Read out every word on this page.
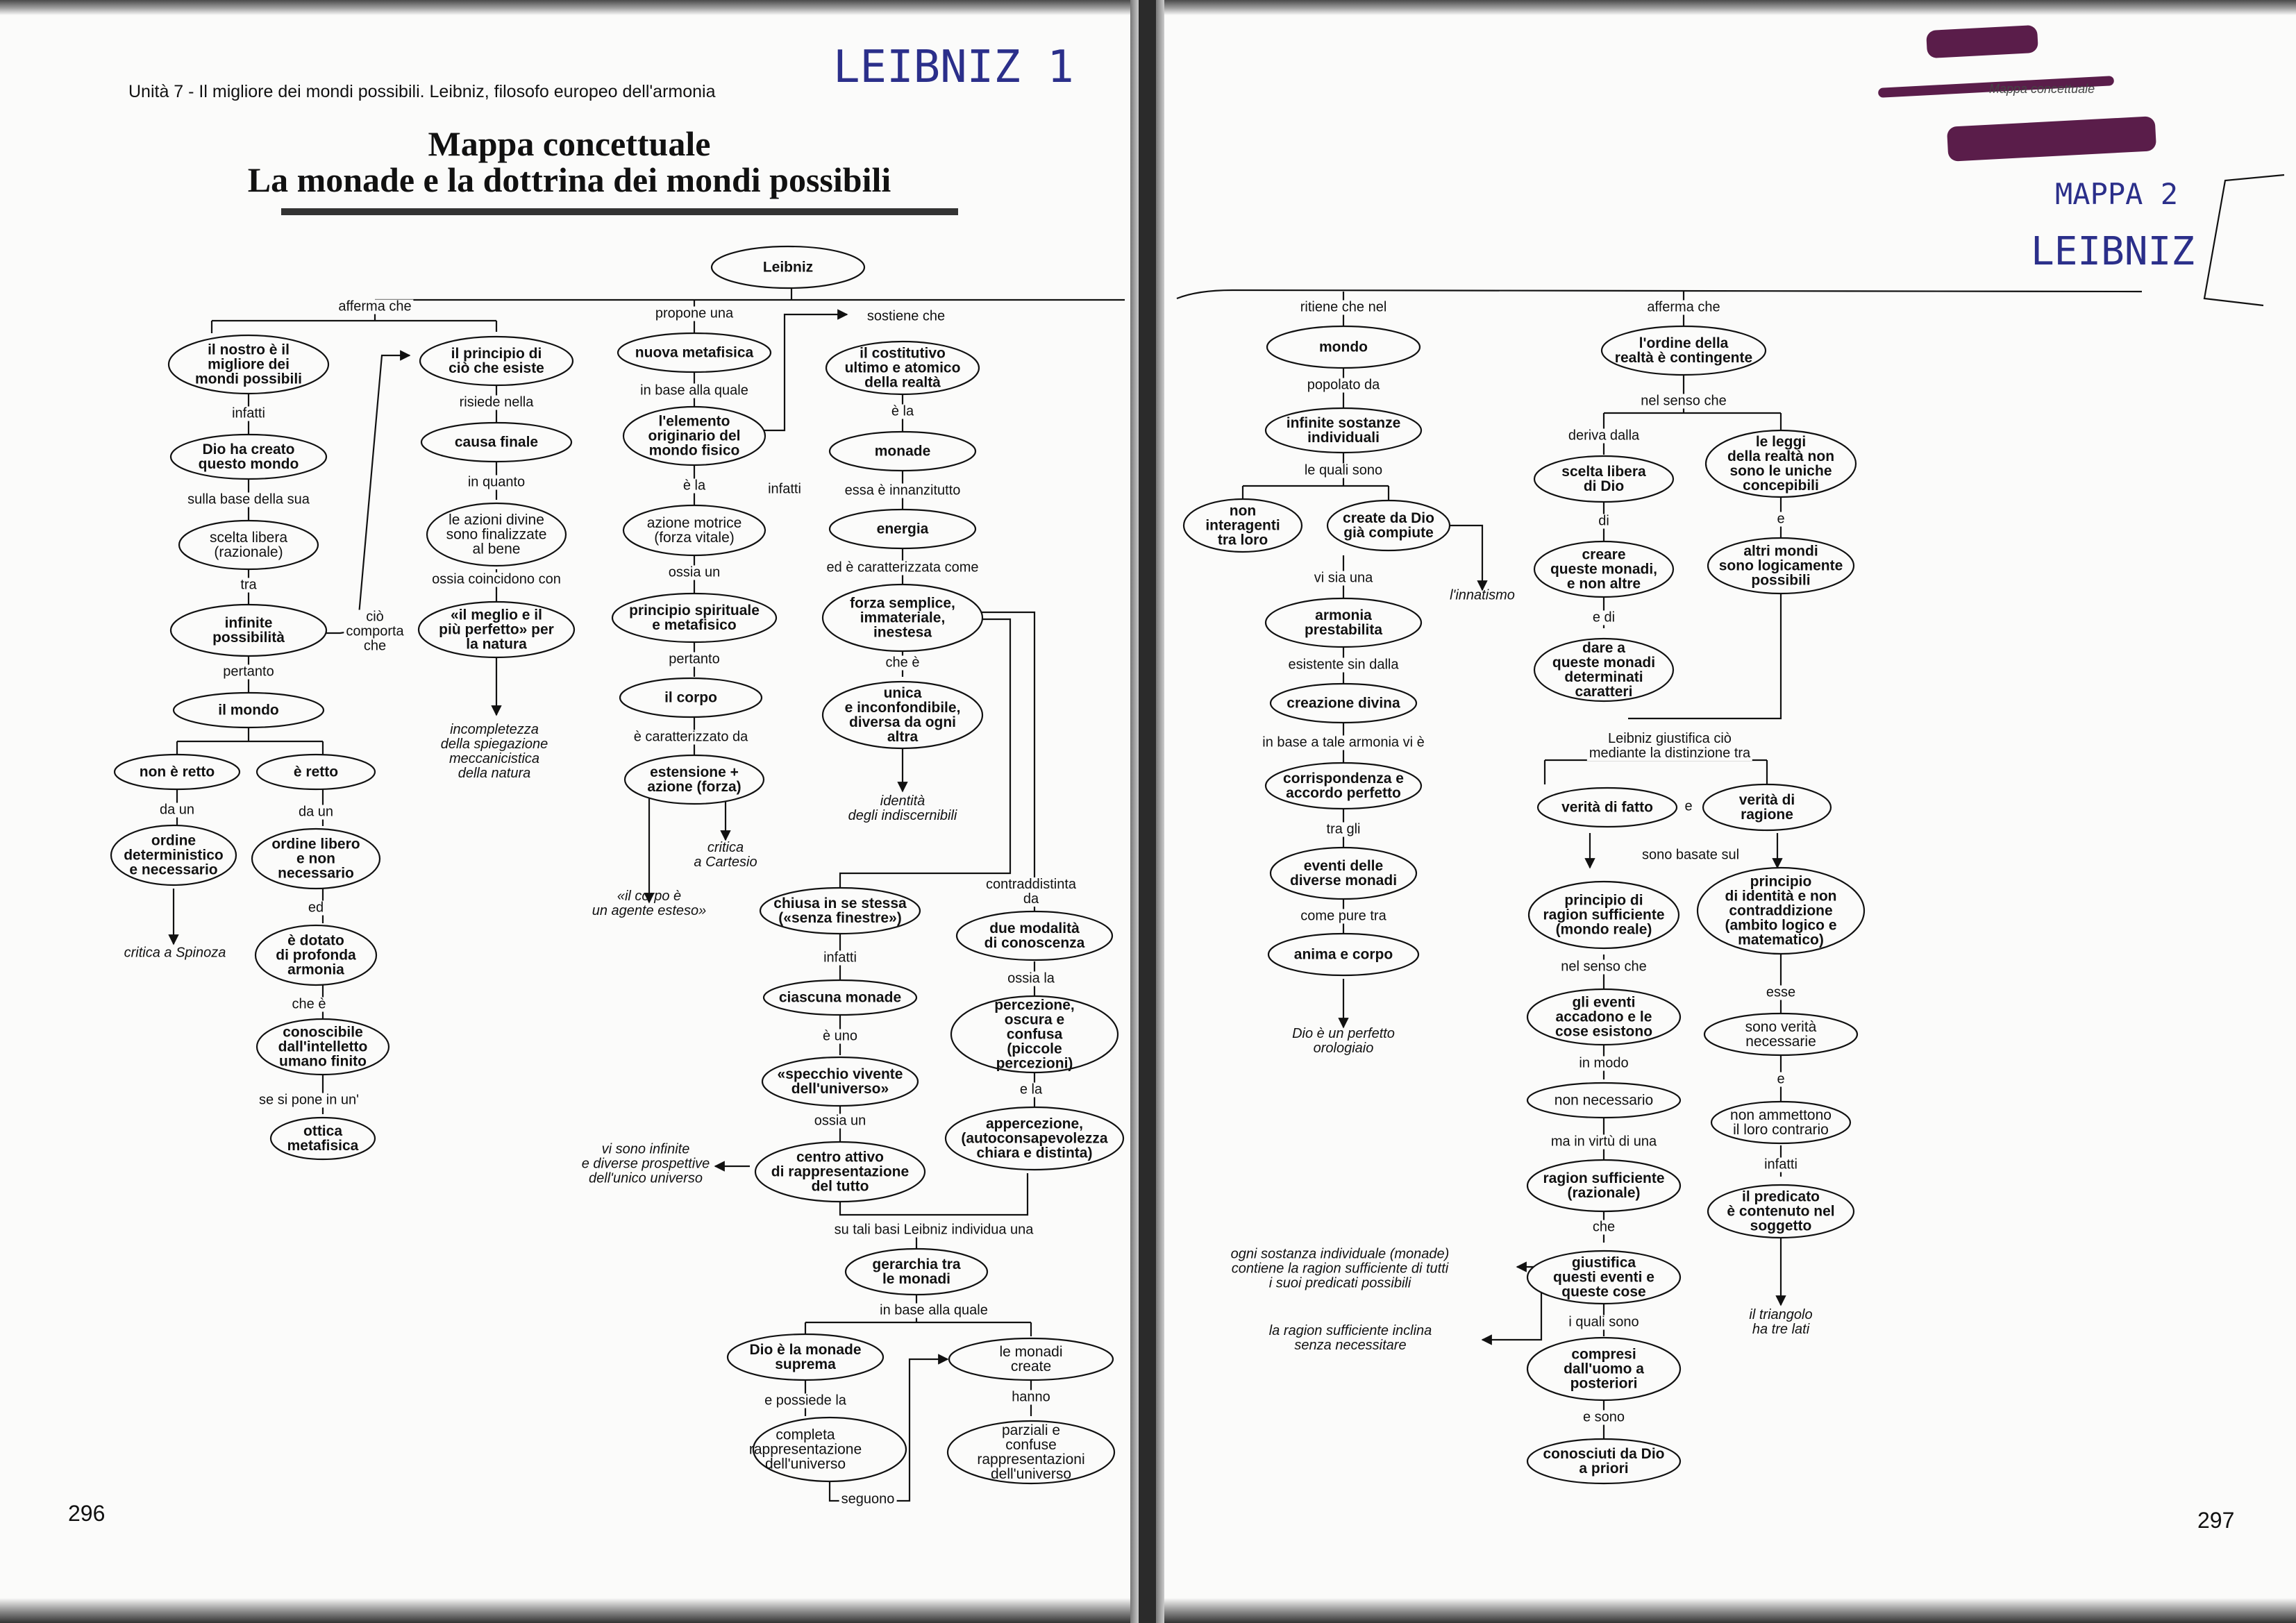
Unità 7 - Il migliore dei mondi possibili. Leibniz, filosofo europeo dell'armonia	LEIBNIZ 1
Mappa concettuale
La monade e la dottrina dei mondi possibili
296
Leibniz
il nostro è il
migliore dei
mondi possibili
Dio ha creato
questo mondo
scelta libera
(razionale)
infinite
possibilità
il mondo
non è retto	è retto
ordine
deterministico
e necessario
ordine libero
e non
necessario
è dotato
di profonda
armonia
conoscibile
dall'intelletto
umano finito
ottica
metafisica
il principio di
ciò che esiste
causa finale
le azioni divine
sono finalizzate
al bene
«il meglio e il
più perfetto» per
la natura
nuova metafisica
l'elemento
originario del
mondo fisico
azione motrice
(forza vitale)
principio spirituale
e metafisico
il corpo
estensione +
azione (forza)
il costitutivo
ultimo e atomico
della realtà
monade
energia
forza semplice,
immateriale,
inestesa
unica
e inconfondibile,
diversa da ogni
altra
chiusa in se stessa
(«senza finestre»)
ciascuna monade
«specchio vivente
dell'universo»
centro attivo
di rappresentazione
del tutto
due modalità
di conoscenza
percezione,
oscura e confusa
(piccole
percezioni)
appercezione,
(autoconsapevolezza
chiara e distinta)
gerarchia tra
le monadi
Dio è la monade
suprema
completa
rappresentazione
dell'universo
le monadi create
parziali e confuse
rappresentazioni
dell'universo
afferma che	propone una	sostiene che
infatti
sulla base della sua
tra
ciò
comporta
che
pertanto
da un	da un
ed
che è
se si pone in un'
risiede nella
in quanto
ossia coincidono con
in base alla quale
è la	infatti
ossia un
pertanto
è caratterizzato da
è la
essa è innanzitutto
ed è caratterizzata come
che è
contraddistinta da
infatti
è uno
ossia un
ossia la
e la
su tali basi Leibniz individua una
in base alla quale
e possiede la	hanno
seguono
critica a Spinoza
incompletezza
della spiegazione
meccanicistica
della natura
«il corpo è
un agente esteso»
critica
a Cartesio
identità
degli indiscernibili
vi sono infinite
e diverse prospettive
dell'unico universo
Mappa concettuale
MAPPA 2
LEIBNIZ
297
mondo
infinite sostanze
individuali
non
interagenti
tra loro
create da Dio
già compiute
armonia
prestabilita
creazione divina
corrispondenza e
accordo perfetto
eventi delle
diverse monadi
anima e corpo
l'ordine della
realtà è contingente
scelta libera
di Dio
creare
queste monadi,
e non altre
dare a
queste monadi
determinati
caratteri
le leggi
della realtà non
sono le uniche
concepibili
altri mondi
sono logicamente
possibili
verità di fatto	verità di
ragione
principio di
ragion sufficiente
(mondo reale)
principio
di identità e non
contraddizione
(ambito logico e
matematico)
gli eventi
accadono e le
cose esistono
non necessario
ragion sufficiente
(razionale)
giustifica
questi eventi e
queste cose
compresi
dall'uomo a
posteriori
conosciuti da Dio
a priori
sono verità
necessarie
non ammettono
il loro contrario
il predicato
è contenuto nel
soggetto
ritiene che nel	afferma che
popolato da
le quali sono
vi sia una
esistente sin dalla
in base a tale armonia vi è
tra gli
come pure tra
nel senso che
deriva dalla
di
e di
e
Leibniz giustifica ciò
mediante la distinzione tra
e
sono basate sul
nel senso che
in modo
ma in virtù di una
che
i quali sono
e sono
esse
e
infatti
l'innatismo
Dio è un perfetto
orologiaio
ogni sostanza individuale (monade)
contiene la ragion sufficiente di tutti
i suoi predicati possibili
la ragion sufficiente inclina
senza necessitare
il triangolo
ha tre lati
